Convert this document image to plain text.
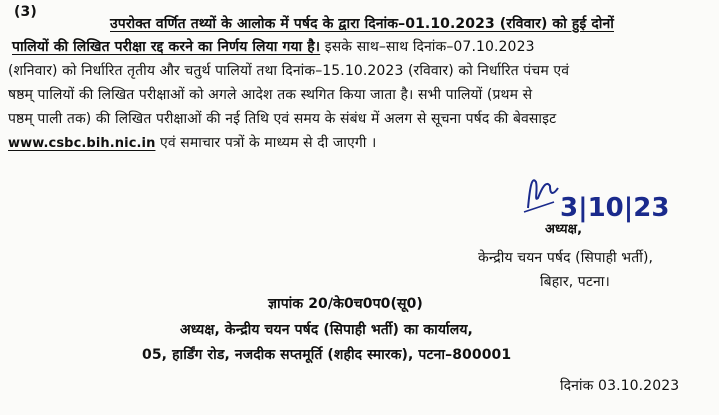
(3)
उपरोक्त वर्णित तथ्यों के आलोक में पर्षद के द्वारा दिनांक–01.10.2023 (रविवार) को हुई दोनों
पालियों की लिखित परीक्षा रद्द करने का निर्णय लिया गया है। इसके साथ–साथ दिनांक–07.10.2023
(शनिवार) को निर्धारित तृतीय और चतुर्थ पालियों तथा दिनांक–15.10.2023 (रविवार) को निर्धारित पंचम एवं
षष्ठम् पालियों की लिखित परीक्षाओं को अगले आदेश तक स्थगित किया जाता है। सभी पालियों (प्रथम से
पष्ठम् पाली तक) की लिखित परीक्षाओं की नई तिथि एवं समय के संबंध में अलग से सूचना पर्षद की बेवसाइट
www.csbc.bih.nic.in एवं समाचार पत्रों के माध्यम से दी जाएगी ।
3|10|23
अध्यक्ष,
केन्द्रीय चयन पर्षद (सिपाही भर्ती),
बिहार, पटना।
ज्ञापांक 20/के0च0प0(सू0)
अध्यक्ष, केन्द्रीय चयन पर्षद (सिपाही भर्ती) का कार्यालय,
05, हार्डिंग रोड, नजदीक सप्तमूर्ति (शहीद स्मारक), पटना–800001
दिनांक 03.10.2023
